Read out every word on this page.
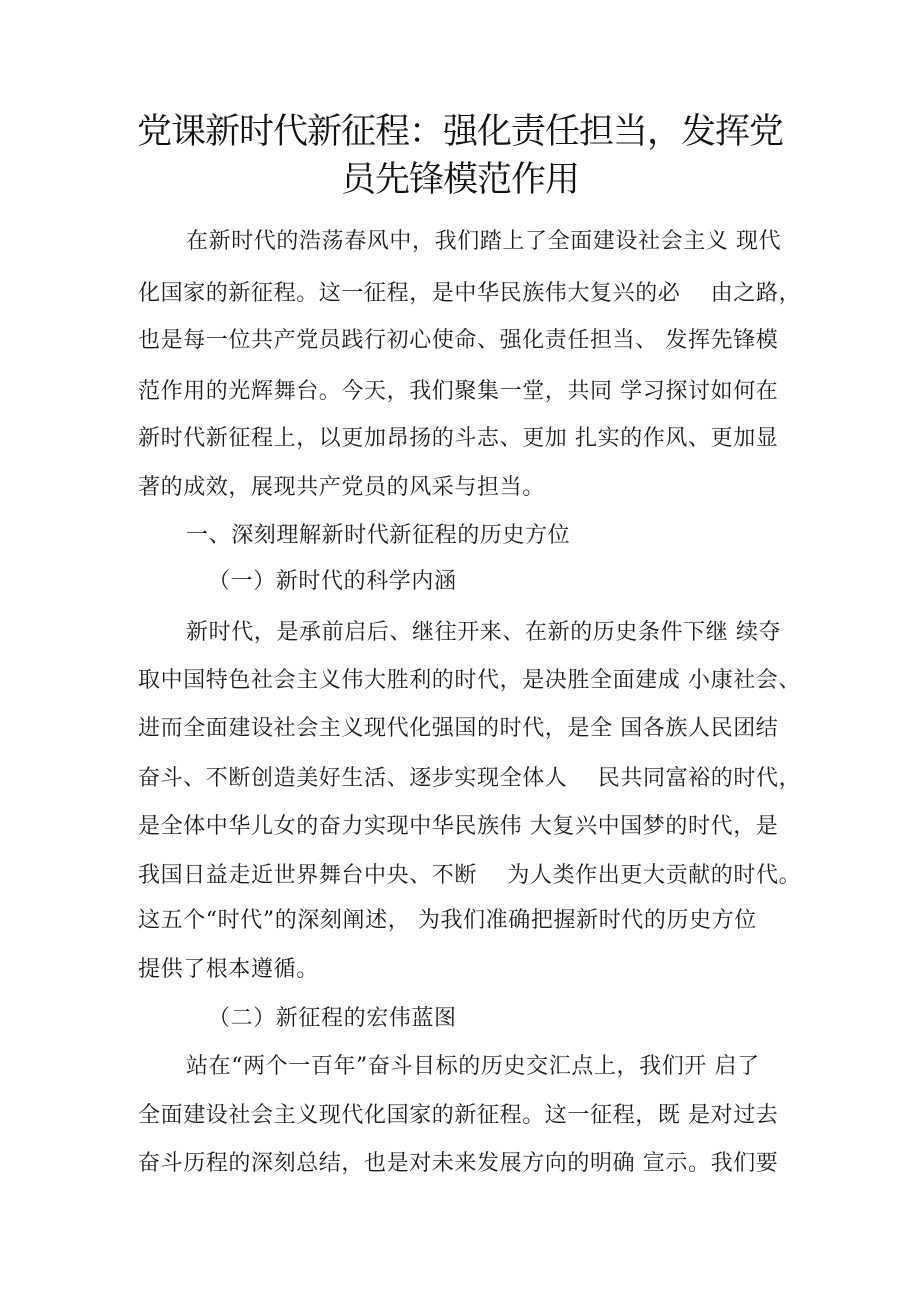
党课新时代新征程：强化责任担当，发挥党
员先锋模范作用
在新时代的浩荡春风中，我们踏上了全面建设社会主义 现代
化国家的新征程。这一征程，是中华民族伟大复兴的必    由之路，
也是每一位共产党员践行初心使命、强化责任担当、 发挥先锋模
范作用的光辉舞台。今天，我们聚集一堂，共同 学习探讨如何在
新时代新征程上，以更加昂扬的斗志、更加 扎实的作风、更加显
著的成效，展现共产党员的风采与担当。
一、深刻理解新时代新征程的历史方位
（一）新时代的科学内涵
新时代，是承前启后、继往开来、在新的历史条件下继 续夺
取中国特色社会主义伟大胜利的时代，是决胜全面建成 小康社会、
进而全面建设社会主义现代化强国的时代，是全 国各族人民团结
奋斗、不断创造美好生活、逐步实现全体人    民共同富裕的时代，
是全体中华儿女的奋力实现中华民族伟 大复兴中国梦的时代，是
我国日益走近世界舞台中央、不断    为人类作出更大贡献的时代。
这五个“时代”的深刻阐述， 为我们准确把握新时代的历史方位
提供了根本遵循。
（二）新征程的宏伟蓝图
站在“两个一百年”奋斗目标的历史交汇点上，我们开 启了
全面建设社会主义现代化国家的新征程。这一征程，既 是对过去
奋斗历程的深刻总结，也是对未来发展方向的明确 宣示。我们要
